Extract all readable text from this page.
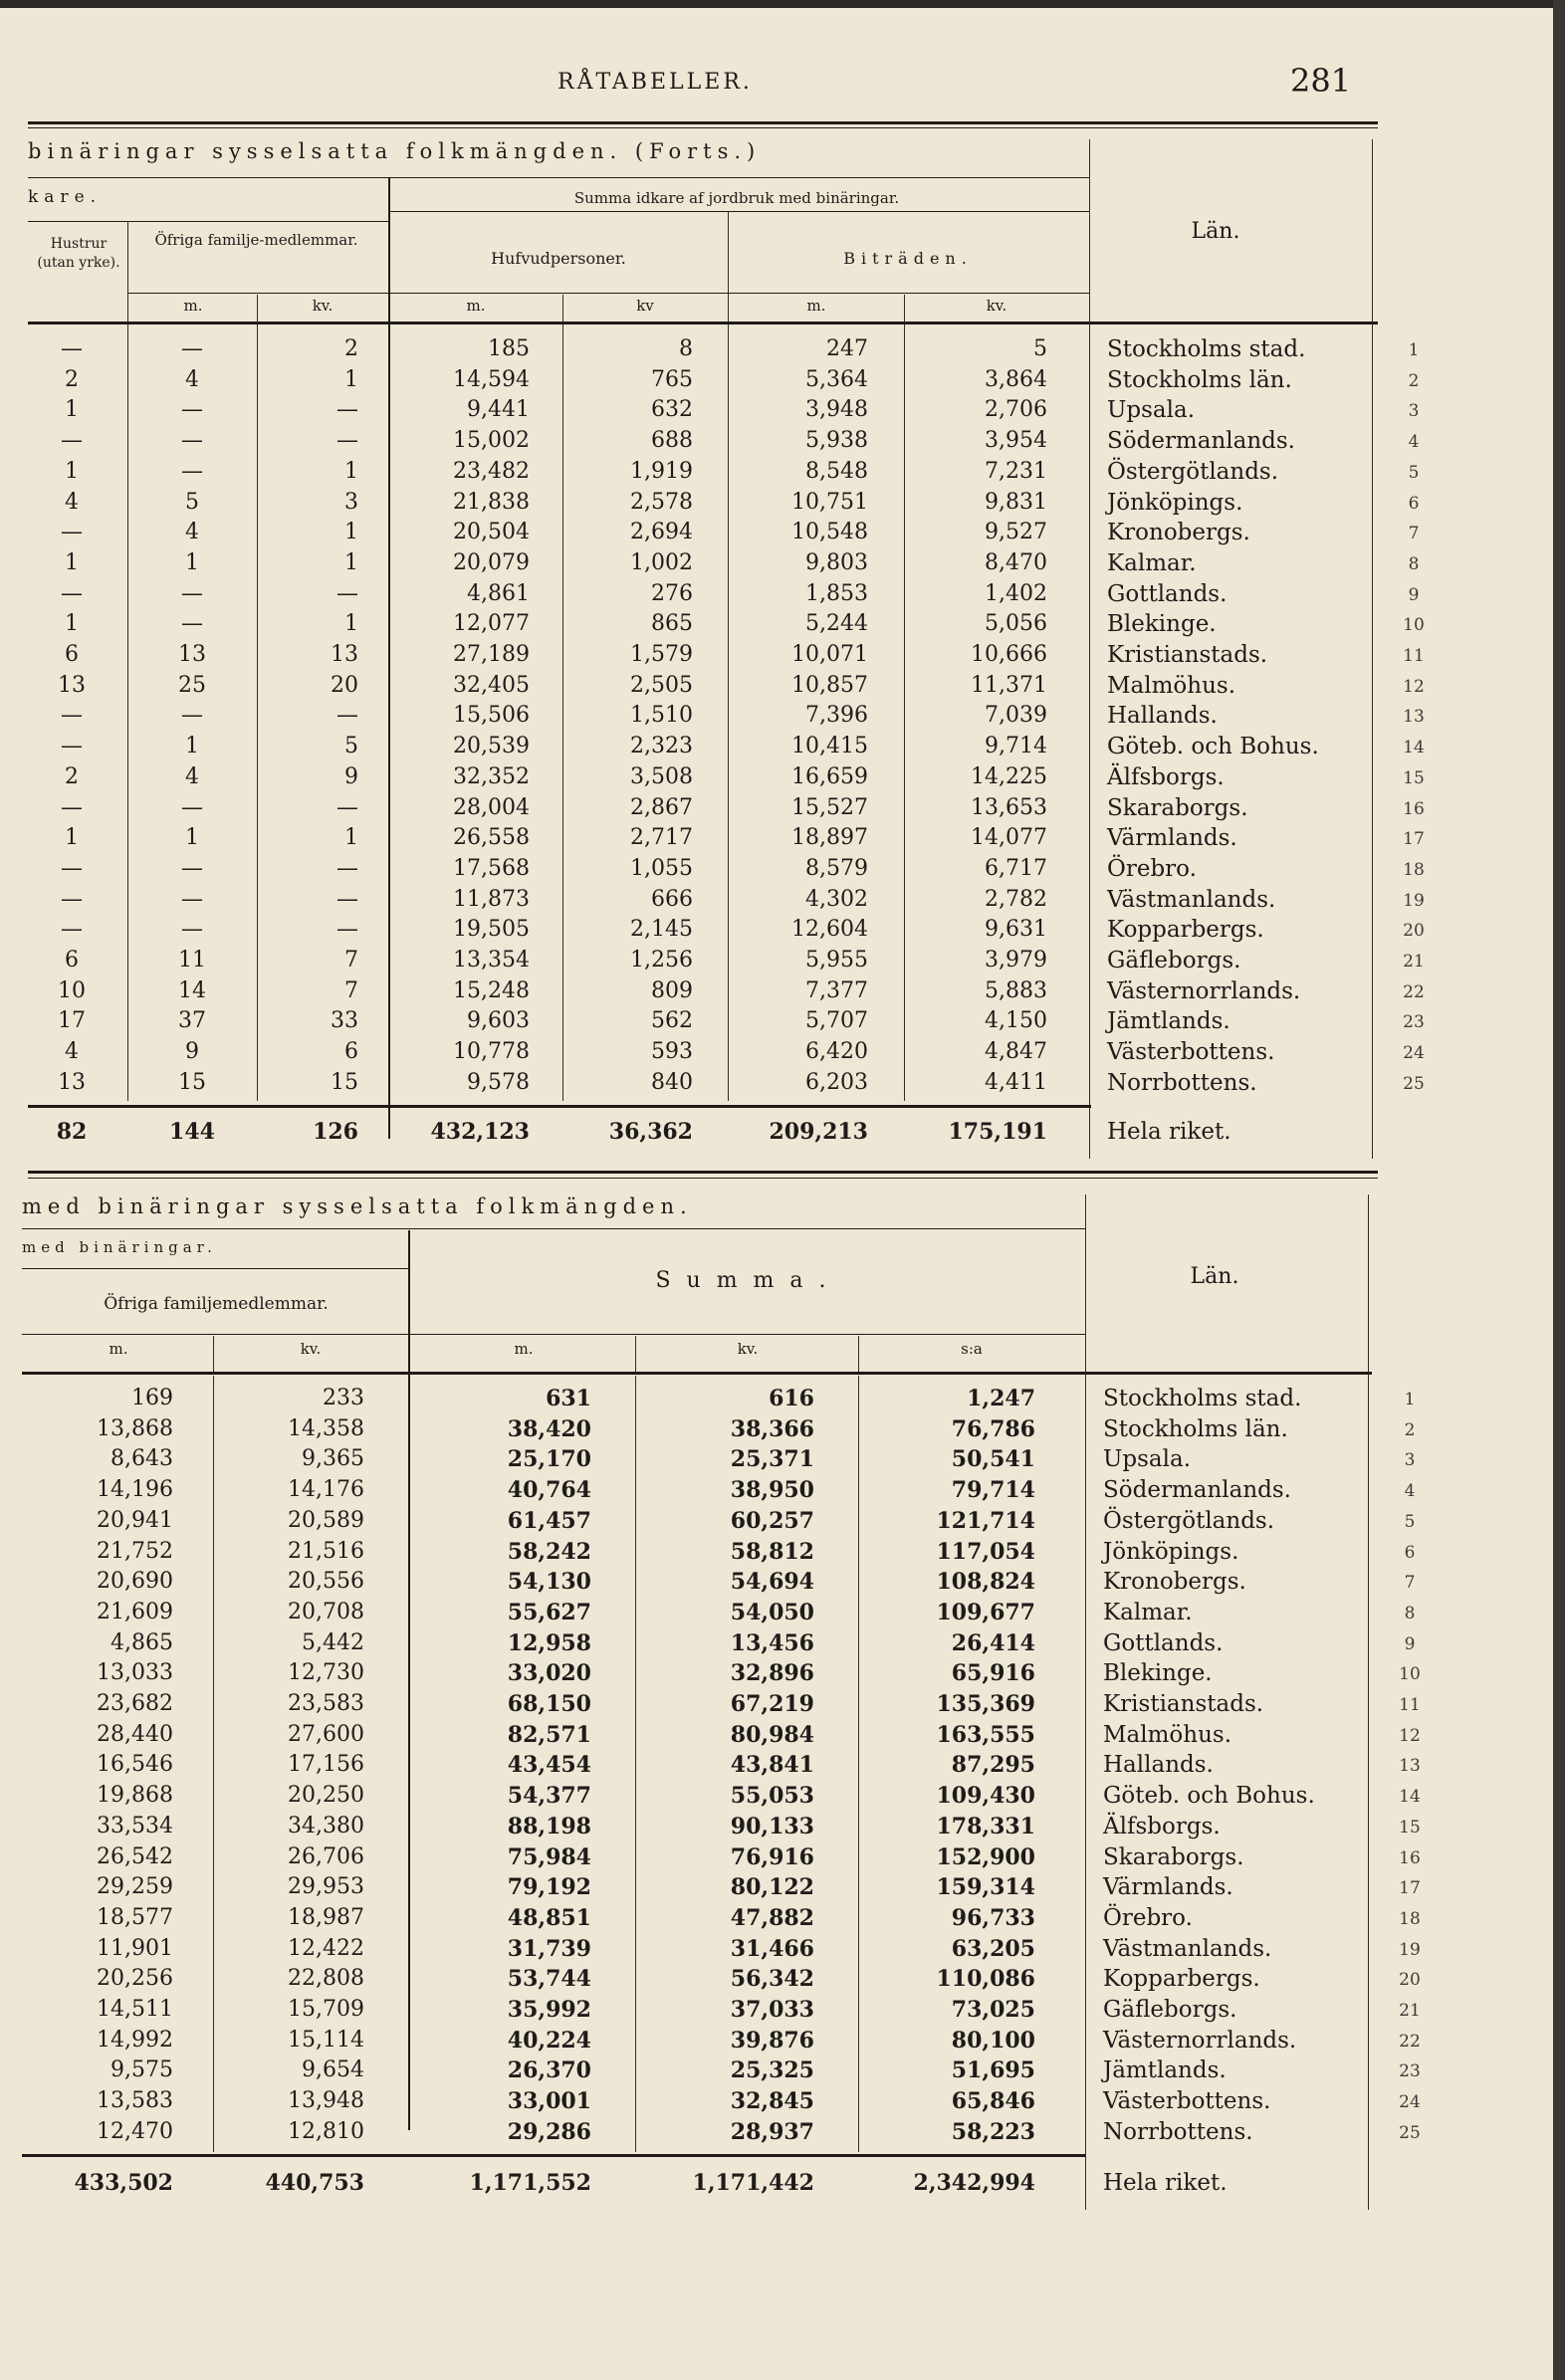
RÅTABELLER.	281
binäringar sysselsatta folkmängden. (Forts.)
kare.	Summa idkare af jordbruk med binäringar.
Hustrur (utan yrke).
Öfriga familje-medlemmar.
Hufvudpersoner.	Biträden.
Län.
m.	kv.	m.	kv	m.	kv.
—	—	2	185	8	247	5	Stockholms stad.	1
2	4	1	14,594	765	5,364	3,864	Stockholms län.	2
1	—	—	9,441	632	3,948	2,706	Upsala.	3
—	—	—	15,002	688	5,938	3,954	Södermanlands.	4
1	—	1	23,482	1,919	8,548	7,231	Östergötlands.	5
4	5	3	21,838	2,578	10,751	9,831	Jönköpings.	6
—	4	1	20,504	2,694	10,548	9,527	Kronobergs.	7
1	1	1	20,079	1,002	9,803	8,470	Kalmar.	8
—	—	—	4,861	276	1,853	1,402	Gottlands.	9
1	—	1	12,077	865	5,244	5,056	Blekinge.	10
6	13	13	27,189	1,579	10,071	10,666	Kristianstads.	11
13	25	20	32,405	2,505	10,857	11,371	Malmöhus.	12
—	—	—	15,506	1,510	7,396	7,039	Hallands.	13
—	1	5	20,539	2,323	10,415	9,714	Göteb. och Bohus.	14
2	4	9	32,352	3,508	16,659	14,225	Älfsborgs.	15
—	—	—	28,004	2,867	15,527	13,653	Skaraborgs.	16
1	1	1	26,558	2,717	18,897	14,077	Värmlands.	17
—	—	—	17,568	1,055	8,579	6,717	Örebro.	18
—	—	—	11,873	666	4,302	2,782	Västmanlands.	19
—	—	—	19,505	2,145	12,604	9,631	Kopparbergs.	20
6	11	7	13,354	1,256	5,955	3,979	Gäfleborgs.	21
10	14	7	15,248	809	7,377	5,883	Västernorrlands.	22
17	37	33	9,603	562	5,707	4,150	Jämtlands.	23
4	9	6	10,778	593	6,420	4,847	Västerbottens.	24
13	15	15	9,578	840	6,203	4,411	Norrbottens.	25
82	144	126	432,123	36,362	209,213	175,191	Hela riket.
med binäringar sysselsatta folkmängden.
med binäringar.
Öfriga familjemedlemmar.
Summa.	Län.
m.	kv.	m.	kv.	s:a
169	233	631	616	1,247	Stockholms stad.	1
13,868	14,358	38,420	38,366	76,786	Stockholms län.	2
8,643	9,365	25,170	25,371	50,541	Upsala.	3
14,196	14,176	40,764	38,950	79,714	Södermanlands.	4
20,941	20,589	61,457	60,257	121,714	Östergötlands.	5
21,752	21,516	58,242	58,812	117,054	Jönköpings.	6
20,690	20,556	54,130	54,694	108,824	Kronobergs.	7
21,609	20,708	55,627	54,050	109,677	Kalmar.	8
4,865	5,442	12,958	13,456	26,414	Gottlands.	9
13,033	12,730	33,020	32,896	65,916	Blekinge.	10
23,682	23,583	68,150	67,219	135,369	Kristianstads.	11
28,440	27,600	82,571	80,984	163,555	Malmöhus.	12
16,546	17,156	43,454	43,841	87,295	Hallands.	13
19,868	20,250	54,377	55,053	109,430	Göteb. och Bohus.	14
33,534	34,380	88,198	90,133	178,331	Älfsborgs.	15
26,542	26,706	75,984	76,916	152,900	Skaraborgs.	16
29,259	29,953	79,192	80,122	159,314	Värmlands.	17
18,577	18,987	48,851	47,882	96,733	Örebro.	18
11,901	12,422	31,739	31,466	63,205	Västmanlands.	19
20,256	22,808	53,744	56,342	110,086	Kopparbergs.	20
14,511	15,709	35,992	37,033	73,025	Gäfleborgs.	21
14,992	15,114	40,224	39,876	80,100	Västernorrlands.	22
9,575	9,654	26,370	25,325	51,695	Jämtlands.	23
13,583	13,948	33,001	32,845	65,846	Västerbottens.	24
12,470	12,810	29,286	28,937	58,223	Norrbottens.	25
433,502	440,753	1,171,552	1,171,442	2,342,994	Hela riket.
